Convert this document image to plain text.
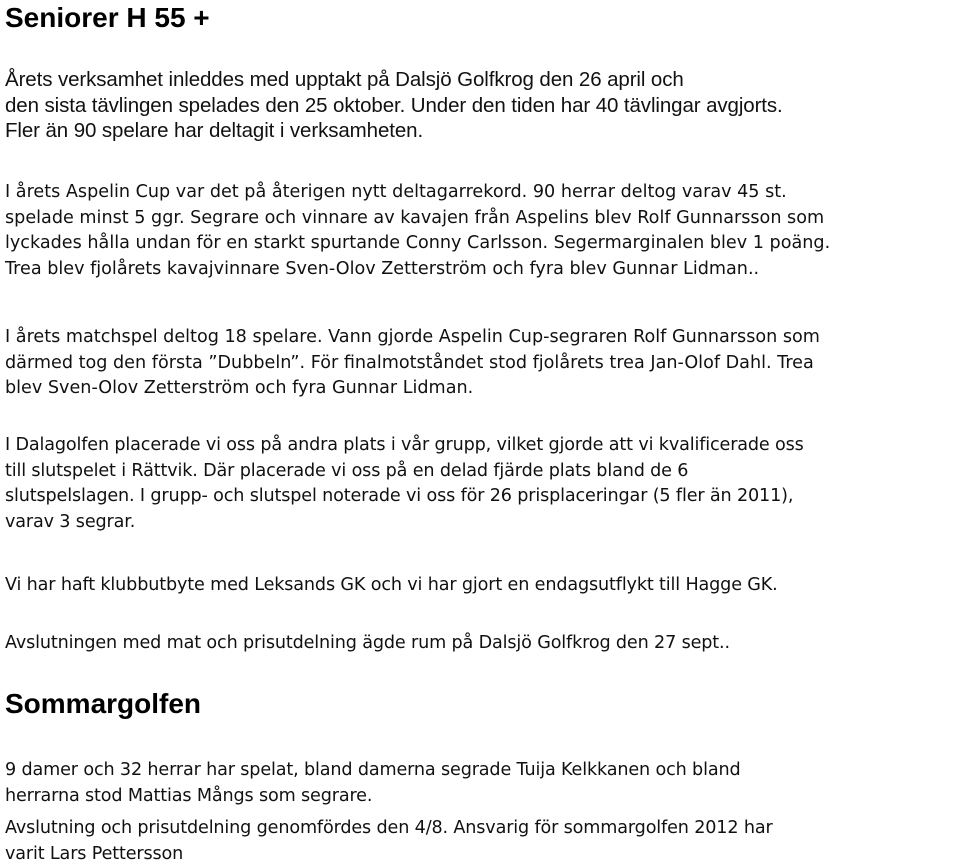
Seniorer H 55 +

Årets verksamhet inleddes med upptakt på Dalsjö Golfkrog den 26 april och

den sista tävlingen spelades den 25 oktober. Under den tiden har 40 tävlingar avgjorts.

Fler än 90 spelare har deltagit i verksamheten.

I årets Aspelin Cup var det på återigen nytt deltagarrekord. 90 herrar deltog varav 45 st.

spelade minst 5 ggr. Segrare och vinnare av kavajen från Aspelins blev Rolf Gunnarsson som

lyckades hålla undan för en starkt spurtande Conny Carlsson. Segermarginalen blev 1 poäng.

Trea blev fjolårets kavajvinnare Sven-Olov Zetterström och fyra blev Gunnar Lidman..

I årets matchspel deltog 18 spelare. Vann gjorde Aspelin Cup-segraren Rolf Gunnarsson som

därmed tog den första ”Dubbeln”. För finalmotståndet stod fjolårets trea Jan-Olof Dahl. Trea

blev Sven-Olov Zetterström och fyra Gunnar Lidman.

I Dalagolfen placerade vi oss på andra plats i vår grupp, vilket gjorde att vi kvalificerade oss

till slutspelet i Rättvik. Där placerade vi oss på en delad fjärde plats bland de 6

slutspelslagen. I grupp- och slutspel noterade vi oss för 26 prisplaceringar (5 fler än 2011),

varav 3 segrar.

Vi har haft klubbutbyte med Leksands GK och vi har gjort en endagsutflykt till Hagge GK.

Avslutningen med mat och prisutdelning ägde rum på Dalsjö Golfkrog den 27 sept..

Sommargolfen

9 damer och 32 herrar har spelat, bland damerna segrade Tuija Kelkkanen och bland

herrarna stod Mattias Mångs som segrare.

Avslutning och prisutdelning genomfördes den 4/8. Ansvarig för sommargolfen 2012 har

varit Lars Pettersson
